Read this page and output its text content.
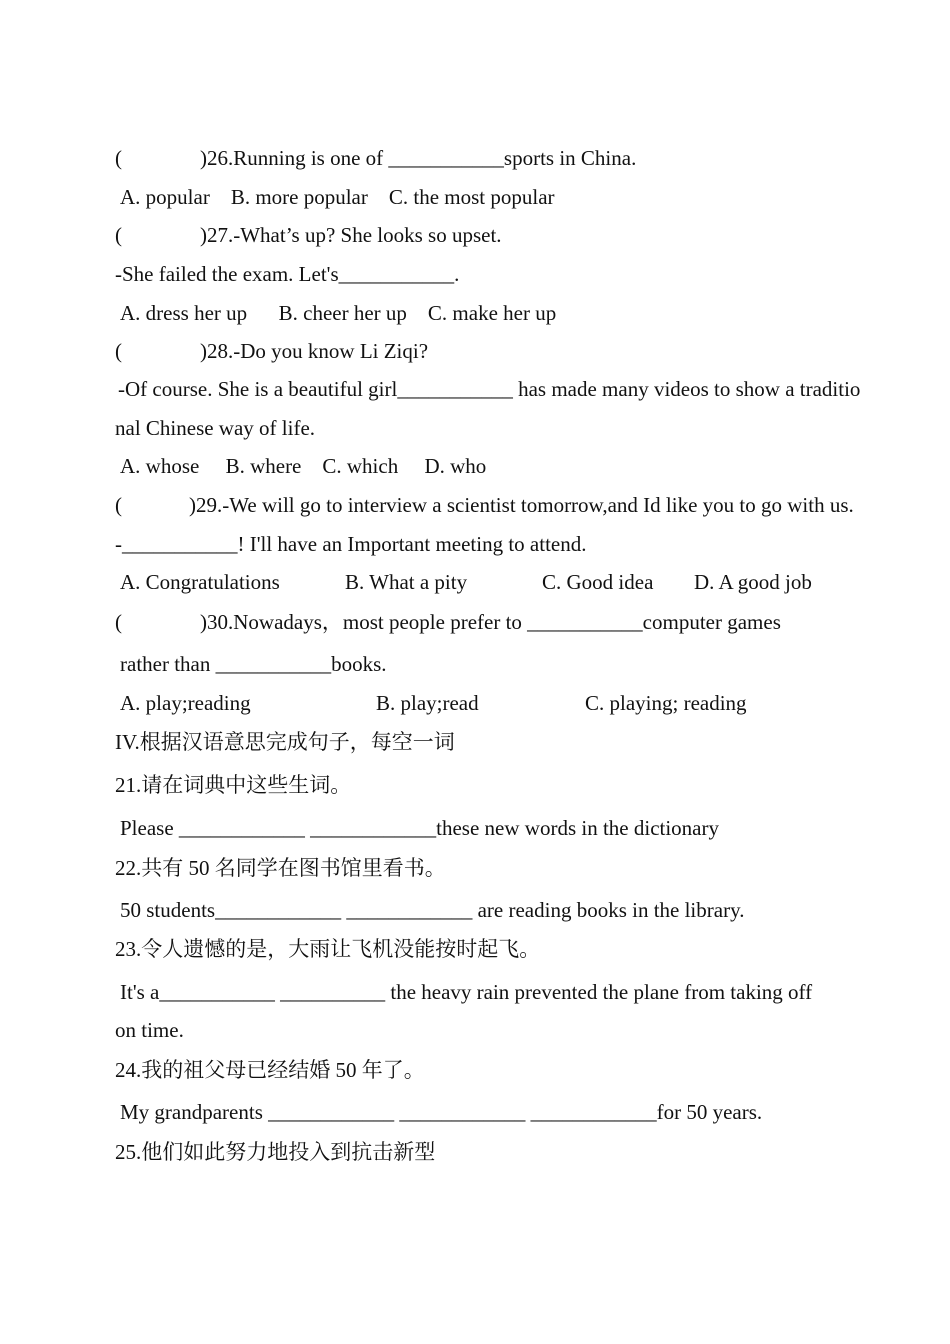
(	)26.Running is one of ___________sports in China.
A. popular    B. more popular    C. the most popular
(	)27.-What’s up? She looks so upset.
-She failed the exam. Let's___________.
A. dress her up      B. cheer her up    C. make her up
(	)28.-Do you know Li Ziqi?
-Of course. She is a beautiful girl___________ has made many videos to show a traditio
nal Chinese way of life.
A. whose     B. where    C. which     D. who
(	)29.-We will go to interview a scientist tomorrow,and Id like you to go with us.
-___________! I'll have an Important meeting to attend.
A. Congratulations	B. What a pity	C. Good idea D. A good job
(	)30.Nowadays，most people prefer to ___________computer games
rather than ___________books.
A. play;reading	B. play;read	C. playing; reading
IV.根据汉语意思完成句子，每空一词
21.请在词典中这些生词。
Please ____________ ____________these new words in the dictionary
22.共有 50 名同学在图书馆里看书。
50 students____________ ____________ are reading books in the library.
23.令人遗憾的是，大雨让飞机没能按时起飞。
It's a___________ __________ the heavy rain prevented the plane from taking off
on time.
24.我的祖父母已经结婚 50 年了。
My grandparents ____________ ____________ ____________for 50 years.
25.他们如此努力地投入到抗击新型
